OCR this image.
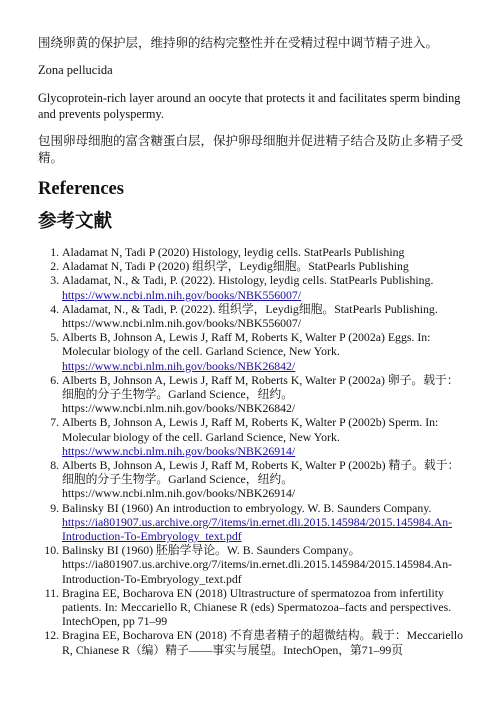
围绕卵黄的保护层，维持卵的结构完整性并在受精过程中调节精子进入。

Zona pellucida

Glycoprotein-rich layer around an oocyte that protects it and facilitates sperm binding and prevents polyspermy.

包围卵母细胞的富含糖蛋白层，保护卵母细胞并促进精子结合及防止多精子受精。

References
参考文献
1. Aladamat N, Tadi P (2020) Histology, leydig cells. StatPearls Publishing
2. Aladamat N, Tadi P (2020) 组织学，Leydig细胞。StatPearls Publishing
3. Aladamat, N., & Tadi, P. (2022). Histology, leydig cells. StatPearls Publishing. https://www.ncbi.nlm.nih.gov/books/NBK556007/
4. Aladamat, N., & Tadi, P. (2022). 组织学，Leydig细胞。StatPearls Publishing. https://www.ncbi.nlm.nih.gov/books/NBK556007/
5. Alberts B, Johnson A, Lewis J, Raff M, Roberts K, Walter P (2002a) Eggs. In: Molecular biology of the cell. Garland Science, New York. https://www.ncbi.nlm.nih.gov/books/NBK26842/
6. Alberts B, Johnson A, Lewis J, Raff M, Roberts K, Walter P (2002a) 卵子。载于：细胞的分子生物学。Garland Science，纽约。 https://www.ncbi.nlm.nih.gov/books/NBK26842/
7. Alberts B, Johnson A, Lewis J, Raff M, Roberts K, Walter P (2002b) Sperm. In: Molecular biology of the cell. Garland Science, New York. https://www.ncbi.nlm.nih.gov/books/NBK26914/
8. Alberts B, Johnson A, Lewis J, Raff M, Roberts K, Walter P (2002b) 精子。载于：细胞的分子生物学。Garland Science，纽约。 https://www.ncbi.nlm.nih.gov/books/NBK26914/
9. Balinsky BI (1960) An introduction to embryology. W. B. Saunders Company. https://ia801907.us.archive.org/7/items/in.ernet.dli.2015.145984/2015.145984.An-Introduction-To-Embryology_text.pdf
10. Balinsky BI (1960) 胚胎学导论。W. B. Saunders Company。 https://ia801907.us.archive.org/7/items/in.ernet.dli.2015.145984/2015.145984.An-Introduction-To-Embryology_text.pdf
11. Bragina EE, Bocharova EN (2018) Ultrastructure of spermatozoa from infertility patients. In: Meccariello R, Chianese R (eds) Spermatozoa–facts and perspectives. IntechOpen, pp 71–99
12. Bragina EE, Bocharova EN (2018) 不育患者精子的超微结构。载于：Meccariello R, Chianese R（编）精子——事实与展望。IntechOpen，第71–99页
